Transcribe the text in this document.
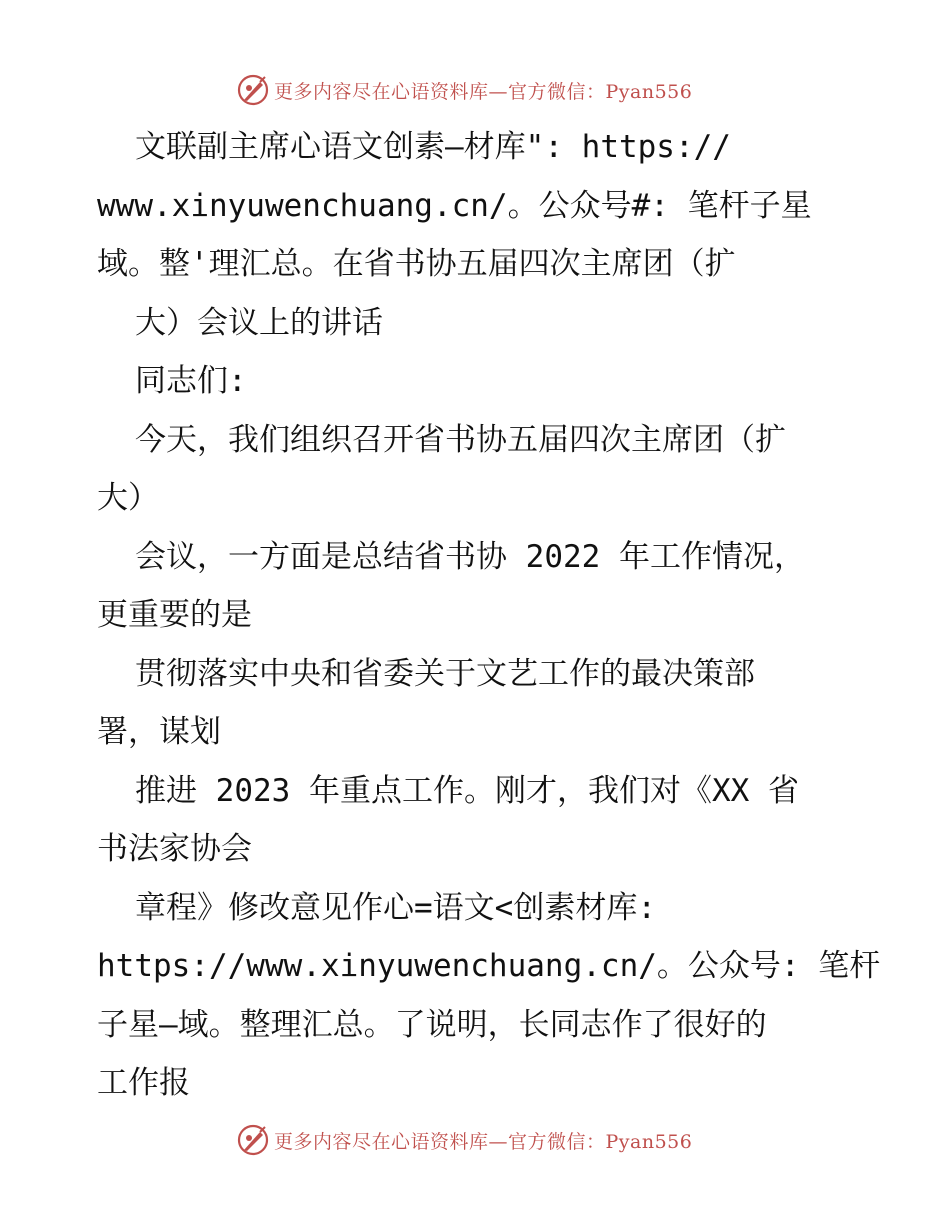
更多内容尽在心语资料库—官方微信：Pyan556
文联副主席心语文创素—材库": https://
www.xinyuwenchuang.cn/。公众号#: 笔杆子星
域。整'理汇总。在省书协五届四次主席团（扩
大）会议上的讲话
同志们:
今天，我们组织召开省书协五届四次主席团（扩
大）
会议，一方面是总结省书协 2022 年工作情况，
更重要的是
贯彻落实中央和省委关于文艺工作的最决策部
署，谋划
推进 2023 年重点工作。刚才，我们对《XX 省
书法家协会
章程》修改意见作心=语文<创素材库:
https://www.xinyuwenchuang.cn/。公众号: 笔杆
子星—域。整理汇总。了说明，长同志作了很好的
工作报
更多内容尽在心语资料库—官方微信：Pyan556
